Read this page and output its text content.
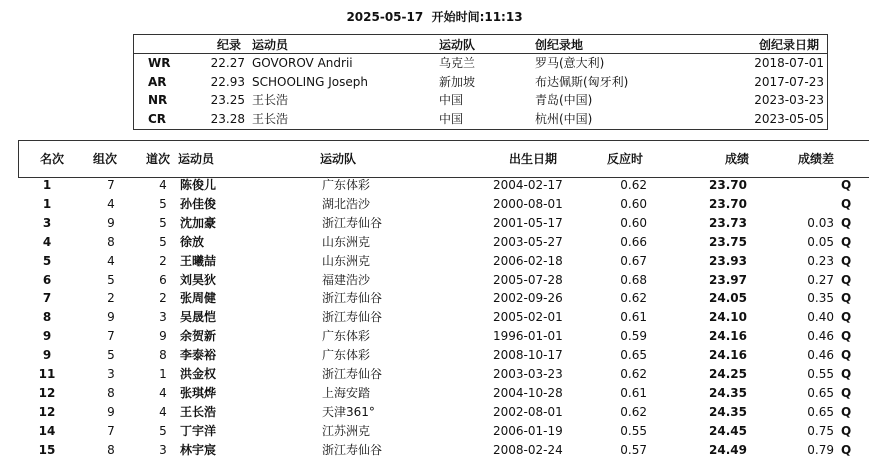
2025-05-17 开始时间:11:13
纪录 运动员	运动队	创纪录地	创纪录日期
WR	22.27 GOVOROV Andrii	乌克兰	罗马(意大利)	2018-07-01
AR	22.93 SCHOOLING Joseph	新加坡	布达佩斯(匈牙利)	2017-07-23
NR	23.25 王长浩	中国	青岛(中国)	2023-03-23
CR	23.28 王长浩	中国	杭州(中国)	2023-05-05
名次 组次 道次 运动员	运动队	出生日期	反应时	成绩	成绩差
1	7	4	陈俊儿	广东体彩	2004-02-17	0.62	23.70	Q
1	4	5	孙佳俊	湖北浩沙	2000-08-01	0.60	23.70	Q
3	9	5	沈加豪	浙江寿仙谷	2001-05-17	0.60	23.73	0.03 Q
4	8	5	徐放	山东洲克	2003-05-27	0.66	23.75	0.05 Q
5	4	2	王曦喆	山东洲克	2006-02-18	0.67	23.93	0.23 Q
6	5	6	刘昊狄	福建浩沙	2005-07-28	0.68	23.97	0.27 Q
7	2	2	张周健	浙江寿仙谷	2002-09-26	0.62	24.05	0.35 Q
8	9	3	吴晟恺	浙江寿仙谷	2005-02-01	0.61	24.10	0.40 Q
9	7	9	余贺新	广东体彩	1996-01-01	0.59	24.16	0.46 Q
9	5	8	李泰裕	广东体彩	2008-10-17	0.65	24.16	0.46 Q
11	3	1	洪金权	浙江寿仙谷	2003-03-23	0.62	24.25	0.55 Q
12	8	4	张琪烨	上海安踏	2004-10-28	0.61	24.35	0.65 Q
12	9	4	王长浩	天津361°	2002-08-01	0.62	24.35	0.65 Q
14	7	5	丁宇洋	江苏洲克	2006-01-19	0.55	24.45	0.75 Q
15	8	3	林宇宸	浙江寿仙谷	2008-02-24	0.57	24.49	0.79 Q
